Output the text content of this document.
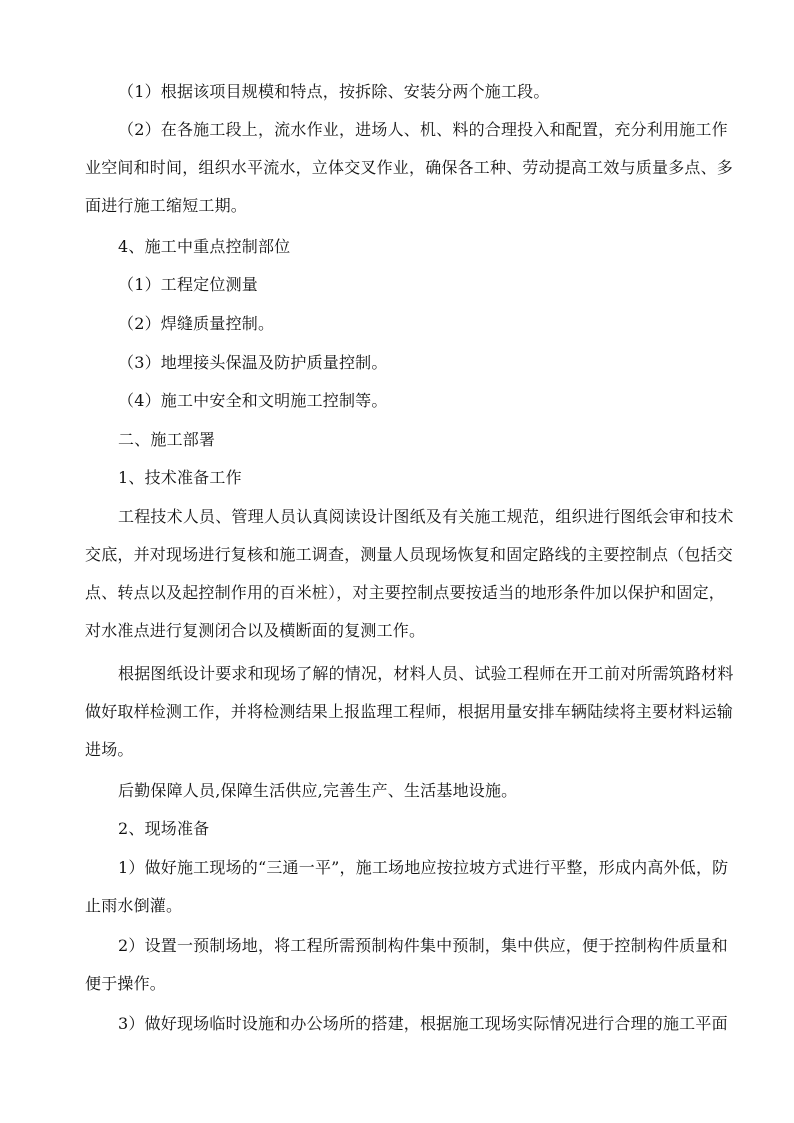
（1）根据该项目规模和特点，按拆除、安装分两个施工段。
（2）在各施工段上，流水作业，进场人、机、料的合理投入和配置，充分利用施工作
业空间和时间，组织水平流水，立体交叉作业，确保各工种、劳动提高工效与质量多点、多
面进行施工缩短工期。
4、施工中重点控制部位
（1）工程定位测量
（2）焊缝质量控制。
（3）地埋接头保温及防护质量控制。
（4）施工中安全和文明施工控制等。
二、施工部署
1、技术准备工作
工程技术人员、管理人员认真阅读设计图纸及有关施工规范，组织进行图纸会审和技术
交底，并对现场进行复核和施工调查，测量人员现场恢复和固定路线的主要控制点（包括交
点、转点以及起控制作用的百米桩），对主要控制点要按适当的地形条件加以保护和固定，
对水准点进行复测闭合以及横断面的复测工作。
根据图纸设计要求和现场了解的情况，材料人员、试验工程师在开工前对所需筑路材料
做好取样检测工作，并将检测结果上报监理工程师，根据用量安排车辆陆续将主要材料运输
进场。
后勤保障人员,保障生活供应,完善生产、生活基地设施。
2、现场准备
1）做好施工现场的“三通一平”，施工场地应按拉坡方式进行平整，形成内高外低，防
止雨水倒灌。
2）设置一预制场地，将工程所需预制构件集中预制，集中供应，便于控制构件质量和
便于操作。
3）做好现场临时设施和办公场所的搭建，根据施工现场实际情况进行合理的施工平面
